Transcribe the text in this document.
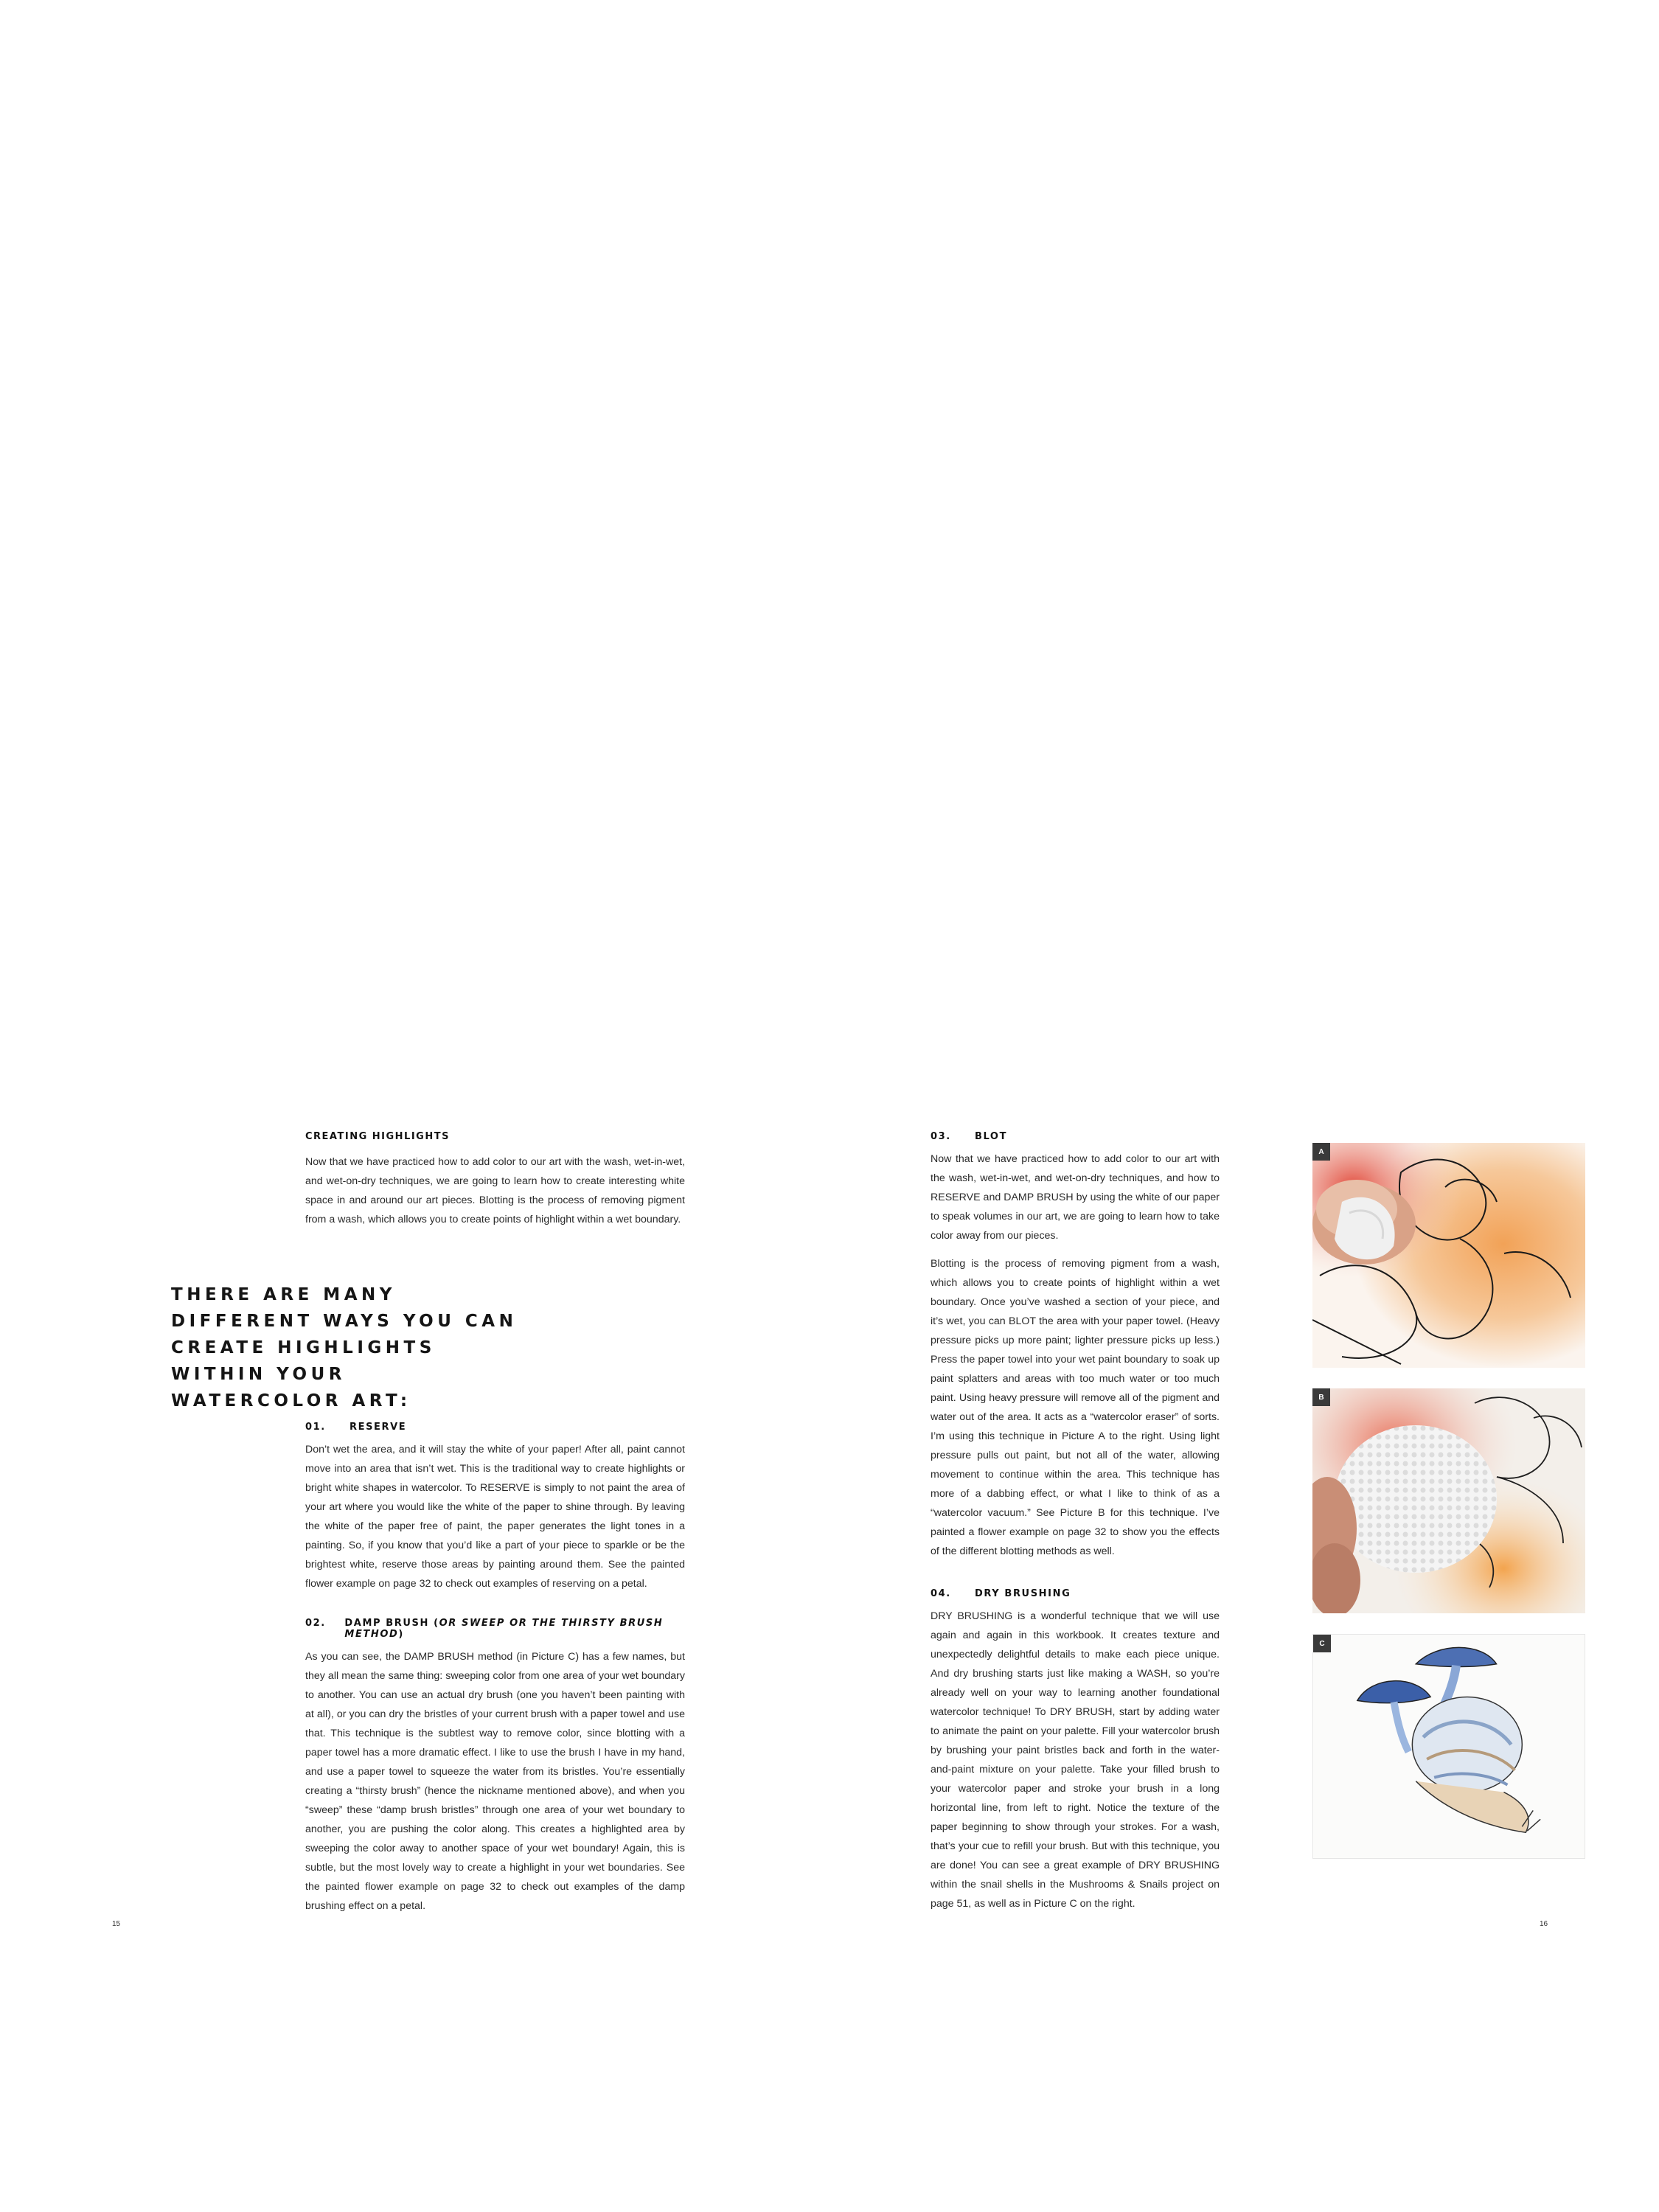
CREATING HIGHLIGHTS

Now that we have practiced how to add color to our art with the wash, wet-in-wet, and wet-on-dry techniques, we are going to learn how to create interesting white space in and around our art pieces. Blotting is the process of removing pigment from a wash, which allows you to create points of highlight within a wet boundary.

THERE ARE MANY DIFFERENT WAYS YOU CAN CREATE HIGHLIGHTS WITHIN YOUR WATERCOLOR ART:
01.	RESERVE

Don’t wet the area, and it will stay the white of your paper! After all, paint cannot move into an area that isn’t wet. This is the traditional way to create highlights or bright white shapes in watercolor. To RESERVE is simply to not paint the area of your art where you would like the white of the paper to shine through. By leaving the white of the paper free of paint, the paper generates the light tones in a painting. So, if you know that you’d like a part of your piece to sparkle or be the brightest white, reserve those areas by painting around them. See the painted flower example on page 32 to check out examples of reserving on a petal.

02.	DAMP BRUSH (OR SWEEP OR THE THIRSTY BRUSH METHOD)

As you can see, the DAMP BRUSH method (in Picture C) has a few names, but they all mean the same thing: sweeping color from one area of your wet boundary to another. You can use an actual dry brush (one you haven’t been painting with at all), or you can dry the bristles of your current brush with a paper towel and use that. This technique is the subtlest way to remove color, since blotting with a paper towel has a more dramatic effect. I like to use the brush I have in my hand, and use a paper towel to squeeze the water from its bristles. You’re essentially creating a “thirsty brush” (hence the nickname mentioned above), and when you “sweep” these “damp brush bristles” through one area of your wet boundary to another, you are pushing the color along. This creates a highlighted area by sweeping the color away to another space of your wet boundary! Again, this is subtle, but the most lovely way to create a highlight in your wet boundaries. See the painted flower example on page 32 to check out examples of the damp brushing effect on a petal.

15
03.	BLOT

Now that we have practiced how to add color to our art with the wash, wet-in-wet, and wet-on-dry techniques, and how to RESERVE and DAMP BRUSH by using the white of our paper to speak volumes in our art, we are going to learn how to take color away from our pieces.

Blotting is the process of removing pigment from a wash, which allows you to create points of highlight within a wet boundary. Once you’ve washed a section of your piece, and it’s wet, you can BLOT the area with your paper towel. (Heavy pressure picks up more paint; lighter pressure picks up less.) Press the paper towel into your wet paint boundary to soak up paint splatters and areas with too much water or too much paint. Using heavy pressure will remove all of the pigment and water out of the area. It acts as a “watercolor eraser” of sorts. I’m using this technique in Picture A to the right. Using light pressure pulls out paint, but not all of the water, allowing movement to continue within the area. This technique has more of a dabbing effect, or what I like to think of as a “watercolor vacuum.” See Picture B for this technique. I’ve painted a flower example on page 32 to show you the effects of the different blotting methods as well.

04.	DRY BRUSHING

DRY BRUSHING is a wonderful technique that we will use again and again in this workbook. It creates texture and unexpectedly delightful details to make each piece unique. And dry brushing starts just like making a WASH, so you’re already well on your way to learning another foundational watercolor technique! To DRY BRUSH, start by adding water to animate the paint on your palette. Fill your watercolor brush by brushing your paint bristles back and forth in the water-and-paint mixture on your palette. Take your filled brush to your watercolor paper and stroke your brush in a long horizontal line, from left to right. Notice the texture of the paper beginning to show through your strokes. For a wash, that’s your cue to refill your brush. But with this technique, you are done! You can see a great example of DRY BRUSHING within the snail shells in the Mushrooms & Snails project on page 51, as well as in Picture C on the right.

16
A
B
C
